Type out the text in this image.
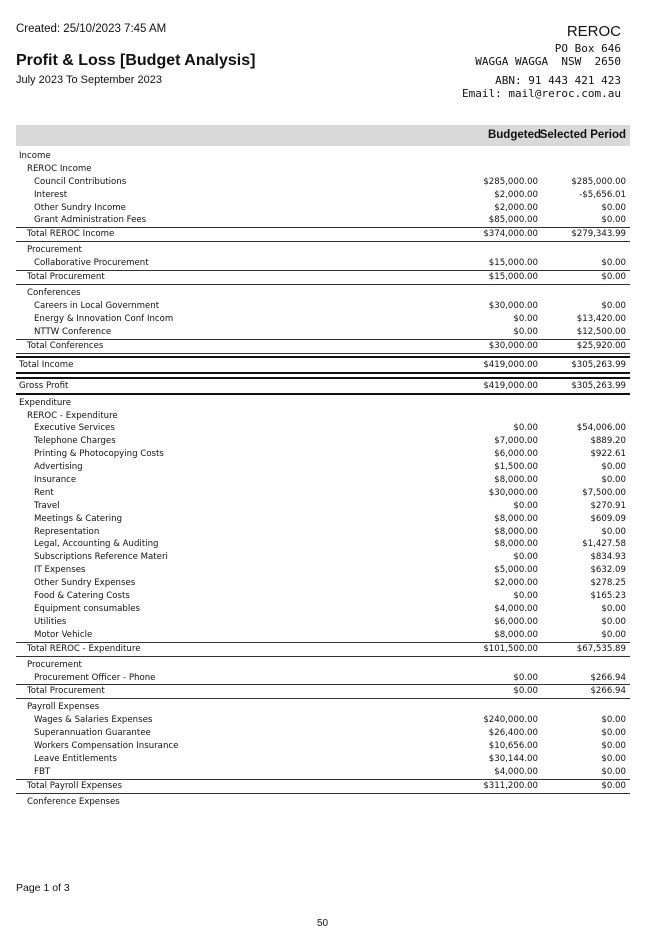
Created: 25/10/2023 7:45 AM
Profit & Loss [Budget Analysis]
July 2023 To September 2023
REROC
PO Box 646
WAGGA WAGGA  NSW  2650
ABN: 91 443 421 423
Email: mail@reroc.com.au
Budgeted
Selected Period
Income
REROC Income
Council Contributions	$285,000.00	$285,000.00
Interest	$2,000.00	-$5,656.01
Other Sundry Income	$2,000.00	$0.00
Grant Administration Fees	$85,000.00	$0.00
Total REROC Income	$374,000.00	$279,343.99
Procurement
Collaborative Procurement	$15,000.00	$0.00
Total Procurement	$15,000.00	$0.00
Conferences
Careers in Local Government	$30,000.00	$0.00
Energy & Innovation Conf Incom	$0.00	$13,420.00
NTTW Conference	$0.00	$12,500.00
Total Conferences	$30,000.00	$25,920.00
Total Income	$419,000.00	$305,263.99
Gross Profit	$419,000.00	$305,263.99
Expenditure
REROC - Expenditure
Executive Services	$0.00	$54,006.00
Telephone Charges	$7,000.00	$889.20
Printing & Photocopying Costs	$6,000.00	$922.61
Advertising	$1,500.00	$0.00
Insurance	$8,000.00	$0.00
Rent	$30,000.00	$7,500.00
Travel	$0.00	$270.91
Meetings & Catering	$8,000.00	$609.09
Representation	$8,000.00	$0.00
Legal, Accounting & Auditing	$8,000.00	$1,427.58
Subscriptions Reference Materi	$0.00	$834.93
IT Expenses	$5,000.00	$632.09
Other Sundry Expenses	$2,000.00	$278.25
Food & Catering Costs	$0.00	$165.23
Equipment consumables	$4,000.00	$0.00
Utilities	$6,000.00	$0.00
Motor Vehicle	$8,000.00	$0.00
Total REROC - Expenditure	$101,500.00	$67,535.89
Procurement
Procurement Officer - Phone	$0.00	$266.94
Total Procurement	$0.00	$266.94
Payroll Expenses
Wages & Salaries Expenses	$240,000.00	$0.00
Superannuation Guarantee	$26,400.00	$0.00
Workers Compensation Insurance	$10,656.00	$0.00
Leave Entitlements	$30,144.00	$0.00
FBT	$4,000.00	$0.00
Total Payroll Expenses	$311,200.00	$0.00
Conference Expenses
Page 1 of 3
50
